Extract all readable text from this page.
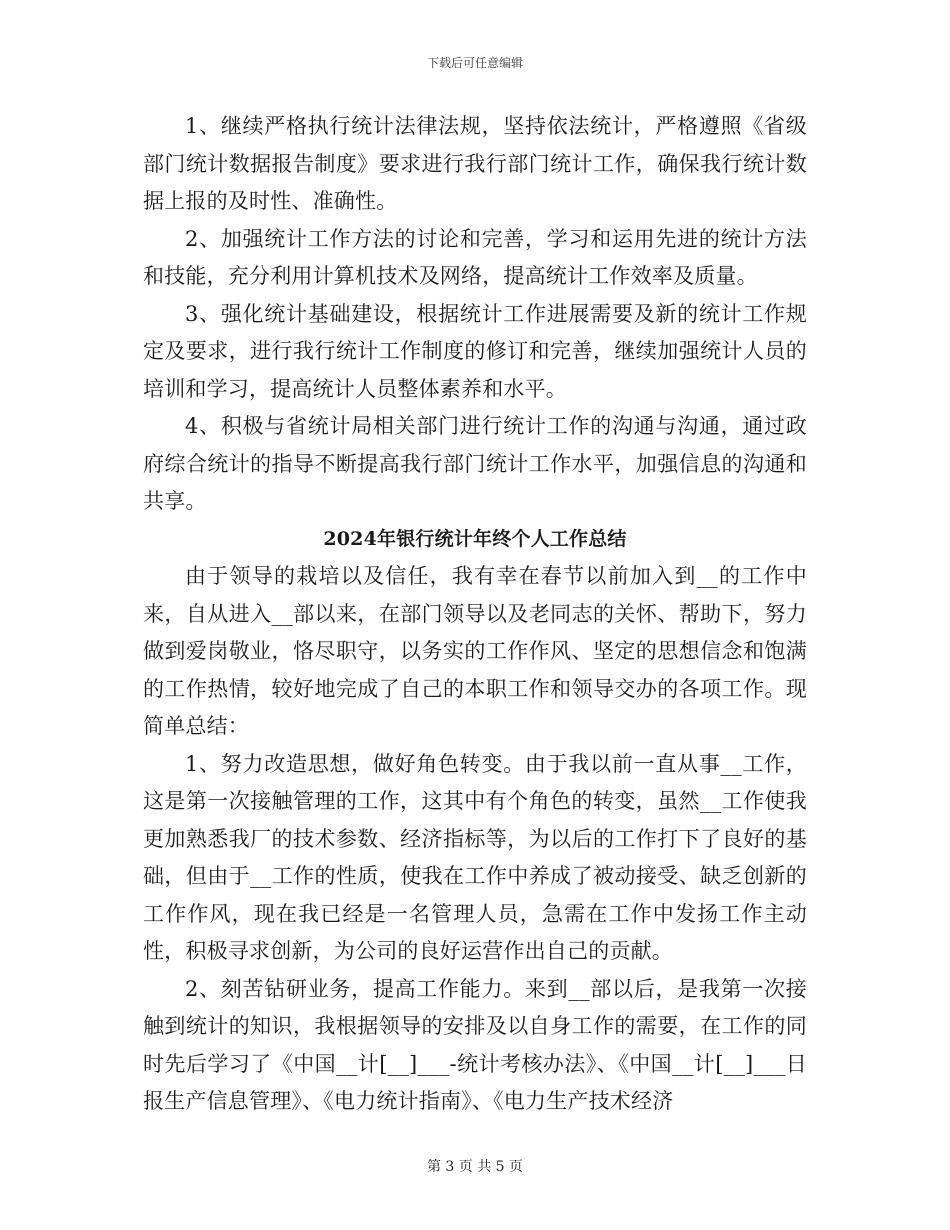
下载后可任意编辑

1、继续严格执行统计法律法规，坚持依法统计，严格遵照《省级部门统计数据报告制度》要求进行我行部门统计工作，确保我行统计数据上报的及时性、准确性。

2、加强统计工作方法的讨论和完善，学习和运用先进的统计方法和技能，充分利用计算机技术及网络，提高统计工作效率及质量。

3、强化统计基础建设，根据统计工作进展需要及新的统计工作规定及要求，进行我行统计工作制度的修订和完善，继续加强统计人员的培训和学习，提高统计人员整体素养和水平。

4、积极与省统计局相关部门进行统计工作的沟通与沟通，通过政府综合统计的指导不断提高我行部门统计工作水平，加强信息的沟通和共享。

2024年银行统计年终个人工作总结

由于领导的栽培以及信任，我有幸在春节以前加入到__的工作中来，自从进入__部以来，在部门领导以及老同志的关怀、帮助下，努力做到爱岗敬业，恪尽职守，以务实的工作作风、坚定的思想信念和饱满的工作热情，较好地完成了自己的本职工作和领导交办的各项工作。现简单总结：

1、努力改造思想，做好角色转变。由于我以前一直从事__工作，这是第一次接触管理的工作，这其中有个角色的转变，虽然__工作使我更加熟悉我厂的技术参数、经济指标等，为以后的工作打下了良好的基础，但由于__工作的性质，使我在工作中养成了被动接受、缺乏创新的工作作风，现在我已经是一名管理人员，急需在工作中发扬工作主动性，积极寻求创新，为公司的良好运营作出自己的贡献。

2、刻苦钻研业务，提高工作能力。来到__部以后，是我第一次接触到统计的知识，我根据领导的安排及以自身工作的需要，在工作的同时先后学习了《中国__计[__]___-统计考核办法》、《中国__计[__]___日报生产信息管理》、《电力统计指南》、《电力生产技术经济

第 3 页 共 5 页
